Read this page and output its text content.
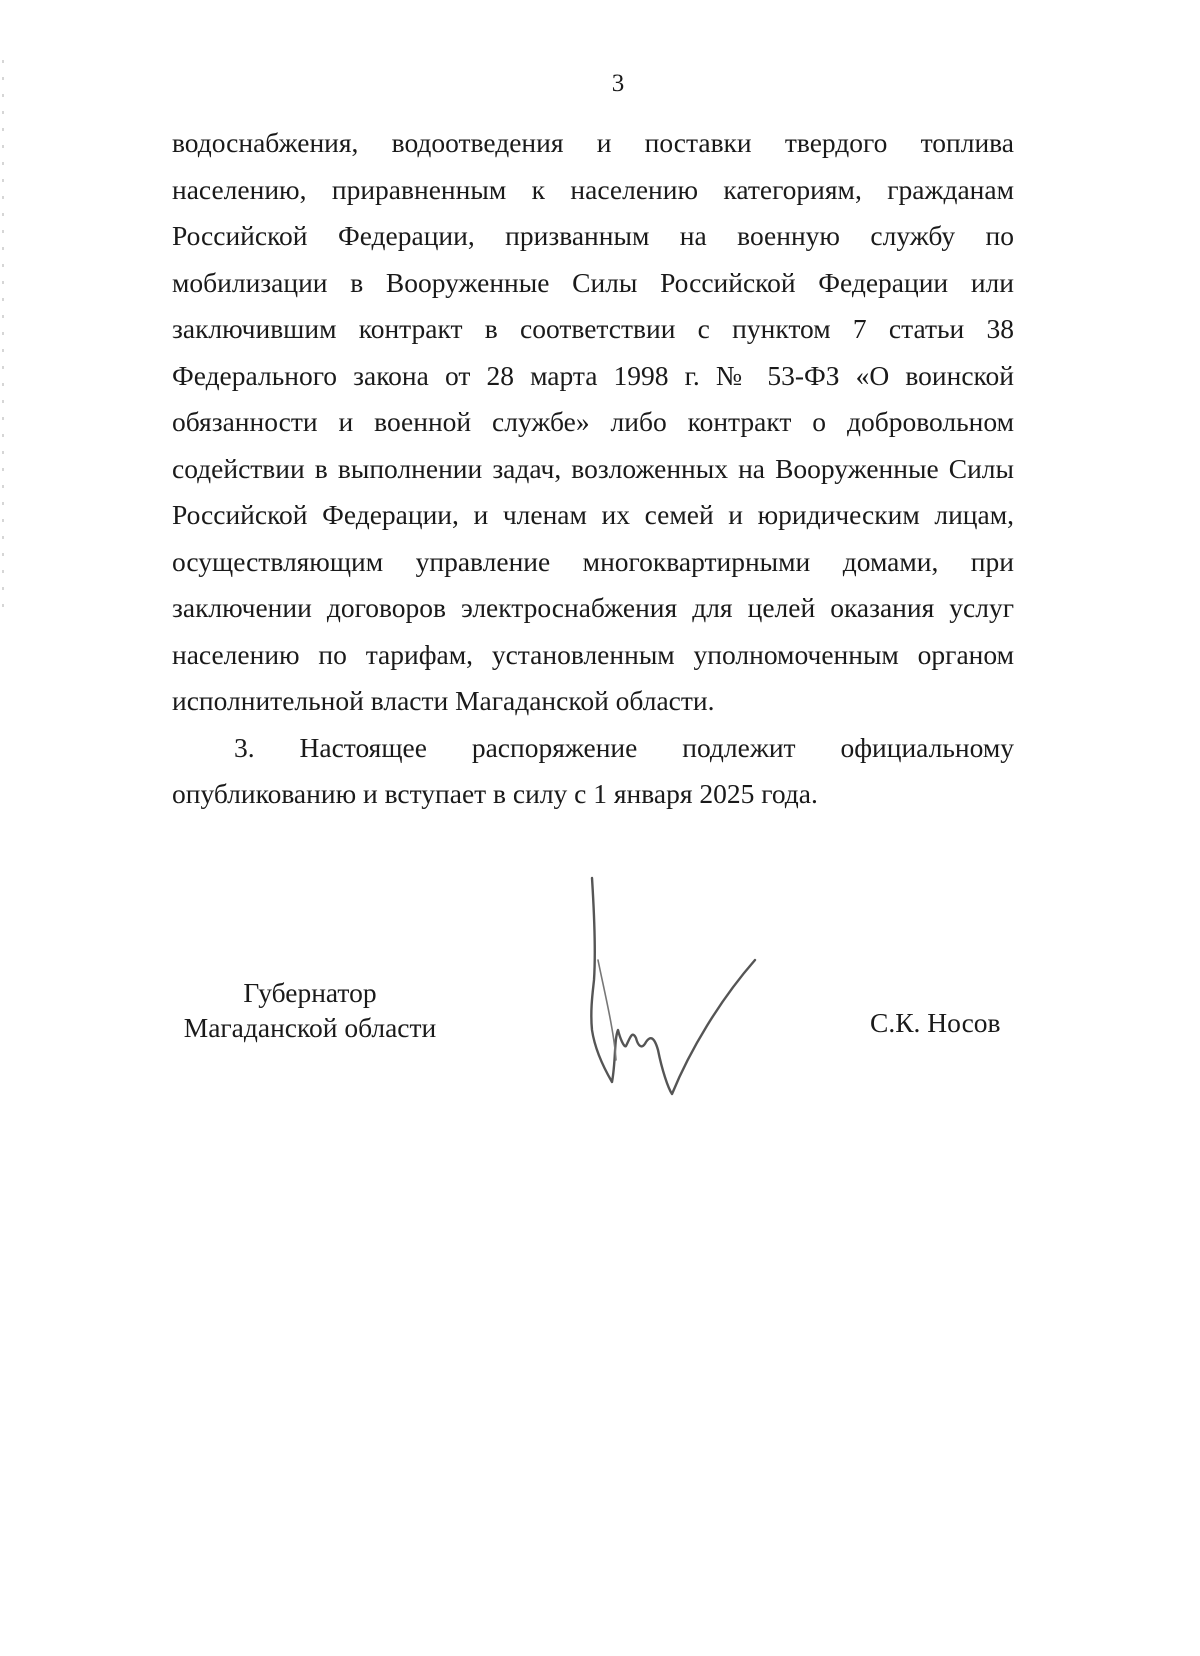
3

водоснабжения, водоотведения и поставки твердого топлива населению, приравненным к населению категориям, гражданам Российской Федерации, призванным на военную службу по мобилизации в Вооруженные Силы Российской Федерации или заключившим контракт в соответствии с пунктом 7 статьи 38 Федерального закона от 28 марта 1998 г. № 53-ФЗ «О воинской обязанности и военной службе» либо контракт о добровольном содействии в выполнении задач, возложенных на Вооруженные Силы Российской Федерации, и членам их семей и юридическим лицам, осуществляющим управление многоквартирными домами, при заключении договоров электроснабжения для целей оказания услуг населению по тарифам, установленным уполномоченным органом исполнительной власти Магаданской области.

3. Настоящее распоряжение подлежит официальному опубликованию и вступает в силу с 1 января 2025 года.

Губернатор
Магаданской области	С.К. Носов
